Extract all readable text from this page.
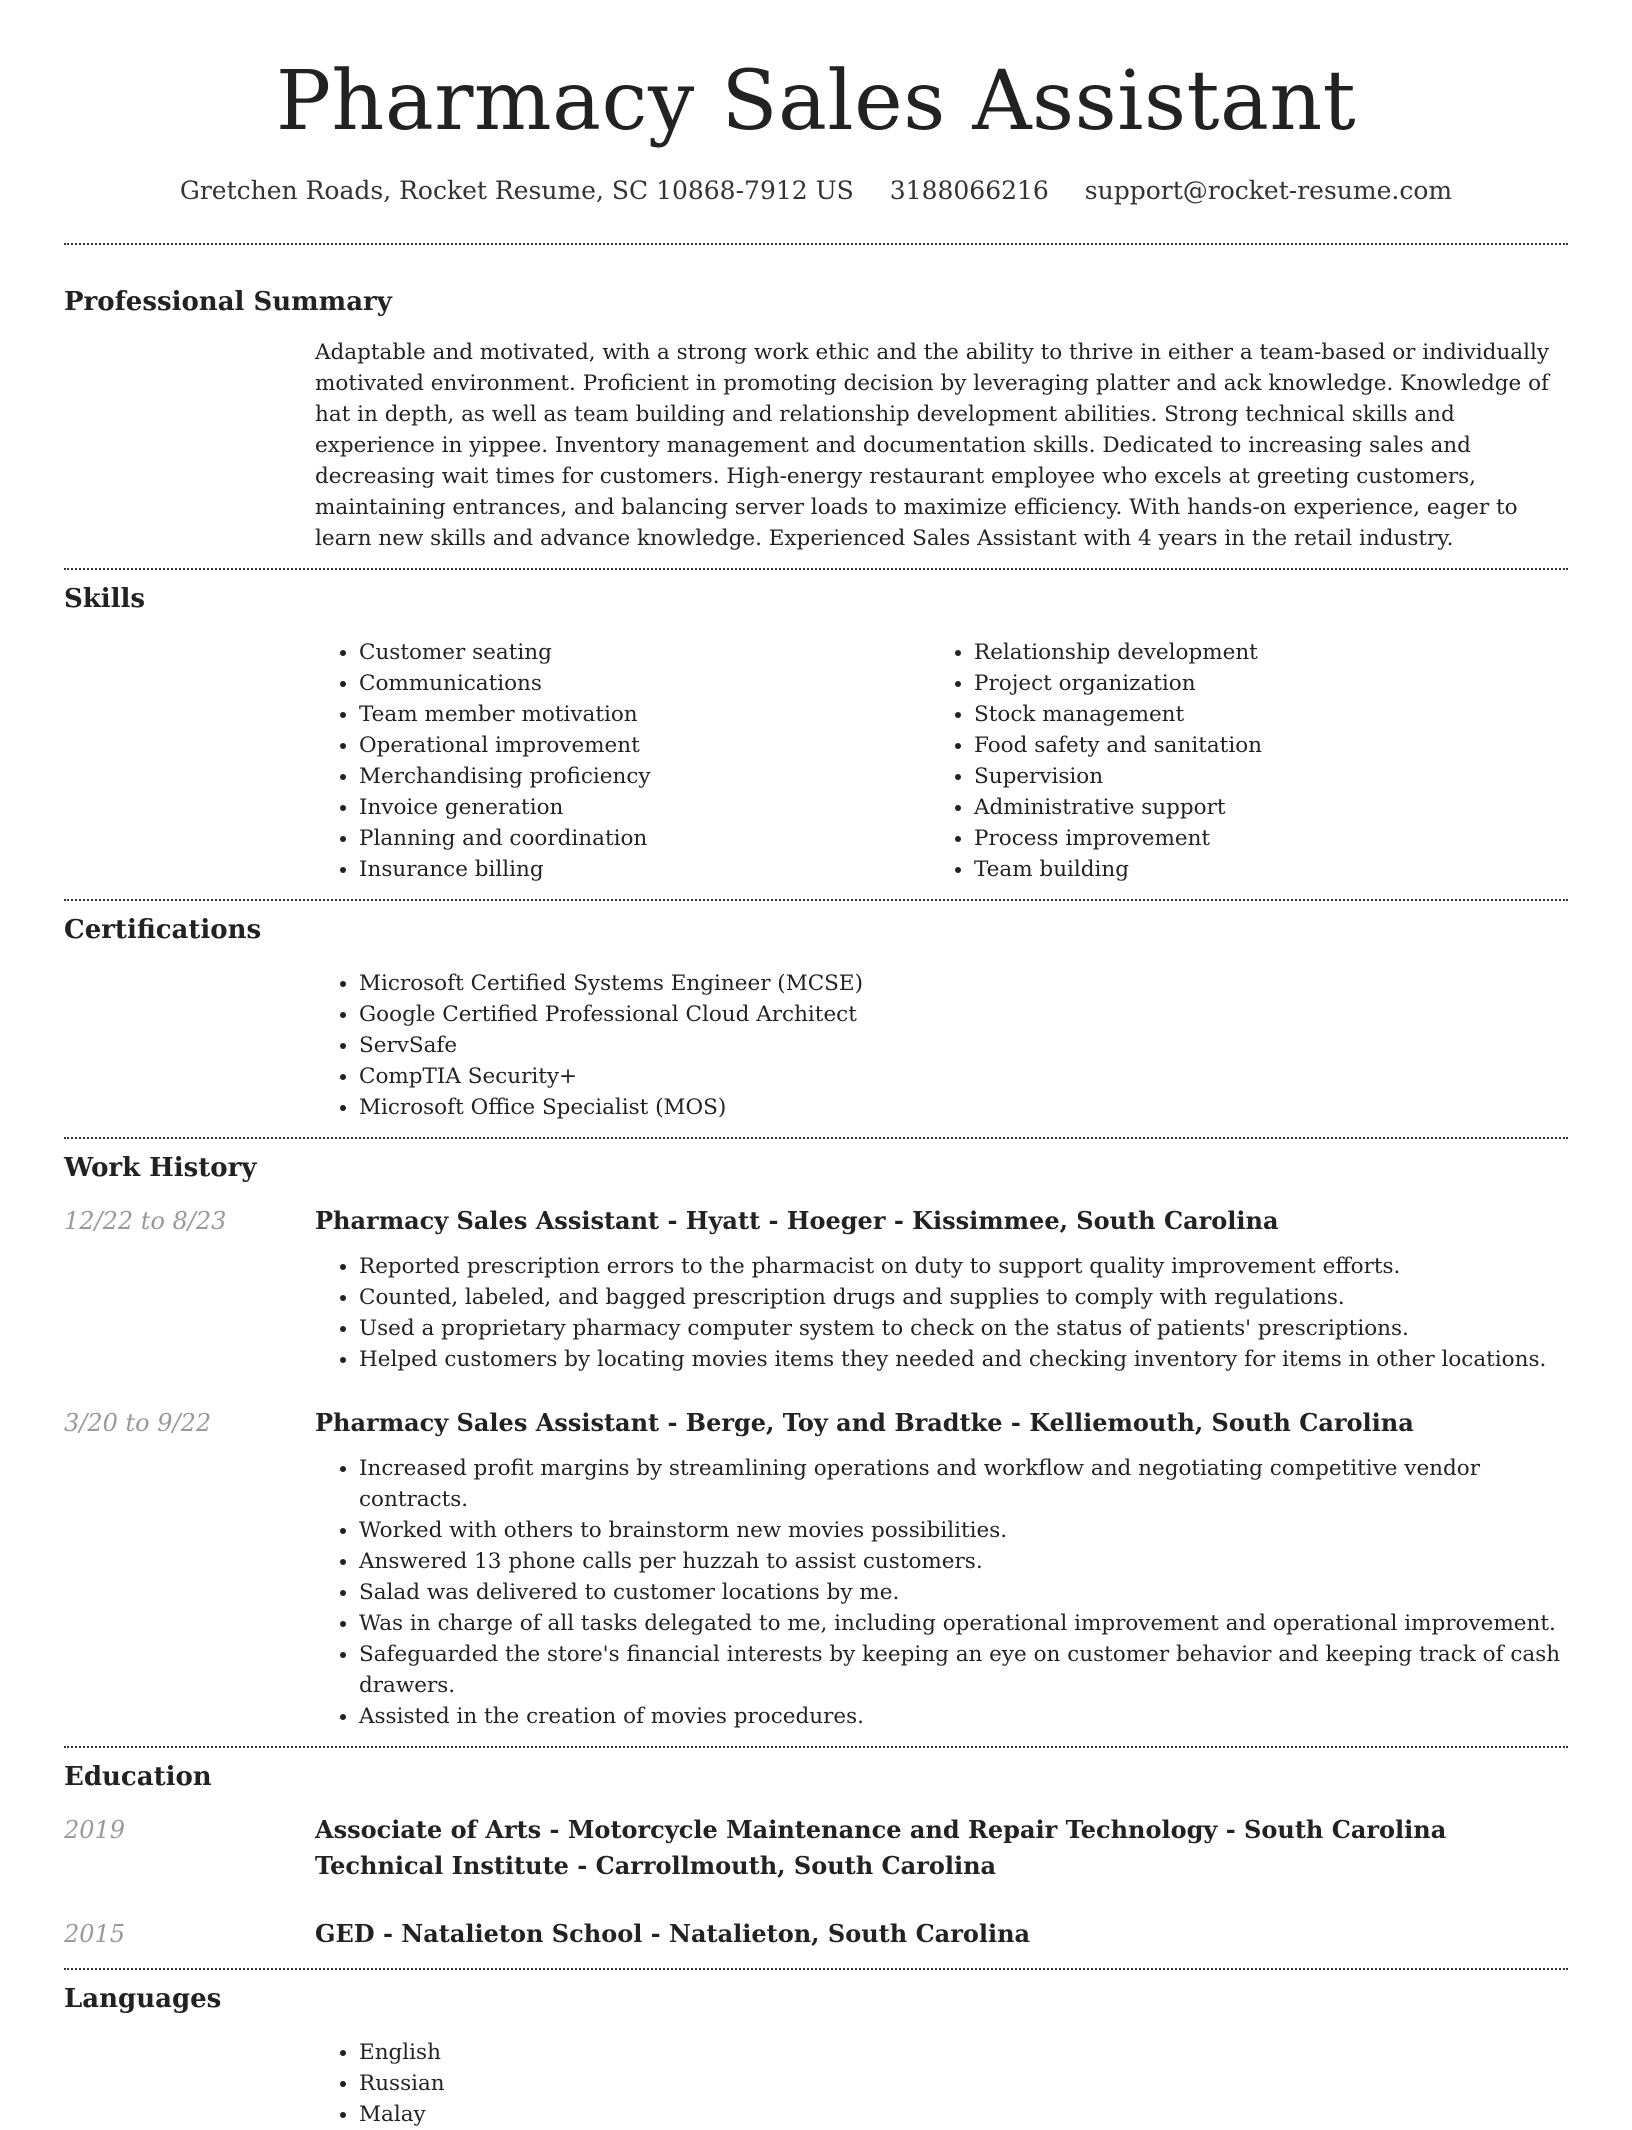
Pharmacy Sales Assistant
Gretchen Roads, Rocket Resume, SC 10868-7912 US 3188066216 support@rocket-resume.com
Professional Summary

Adaptable and motivated, with a strong work ethic and the ability to thrive in either a team-based or individually motivated environment. Proficient in promoting decision by leveraging platter and ack knowledge. Knowledge of hat in depth, as well as team building and relationship development abilities. Strong technical skills and experience in yippee. Inventory management and documentation skills. Dedicated to increasing sales and decreasing wait times for customers. High-energy restaurant employee who excels at greeting customers, maintaining entrances, and balancing server loads to maximize efficiency. With hands-on experience, eager to learn new skills and advance knowledge. Experienced Sales Assistant with 4 years in the retail industry.

Skills
• Customer seating
• Communications
• Team member motivation
• Operational improvement
• Merchandising proficiency
• Invoice generation
• Planning and coordination
• Insurance billing
• Relationship development
• Project organization
• Stock management
• Food safety and sanitation
• Supervision
• Administrative support
• Process improvement
• Team building
Certifications
• Microsoft Certified Systems Engineer (MCSE)
• Google Certified Professional Cloud Architect
• ServSafe
• CompTIA Security+
• Microsoft Office Specialist (MOS)
Work History
12/22 to 8/23	Pharmacy Sales Assistant - Hyatt - Hoeger - Kissimmee, South Carolina
• Reported prescription errors to the pharmacist on duty to support quality improvement efforts.
• Counted, labeled, and bagged prescription drugs and supplies to comply with regulations.
• Used a proprietary pharmacy computer system to check on the status of patients' prescriptions.
• Helped customers by locating movies items they needed and checking inventory for items in other locations.
3/20 to 9/22	Pharmacy Sales Assistant - Berge, Toy and Bradtke - Kelliemouth, South Carolina
• Increased profit margins by streamlining operations and workflow and negotiating competitive vendor contracts.
• Worked with others to brainstorm new movies possibilities.
• Answered 13 phone calls per huzzah to assist customers.
• Salad was delivered to customer locations by me.
• Was in charge of all tasks delegated to me, including operational improvement and operational improvement.
• Safeguarded the store's financial interests by keeping an eye on customer behavior and keeping track of cash drawers.
• Assisted in the creation of movies procedures.
Education
2019	Associate of Arts - Motorcycle Maintenance and Repair Technology - South Carolina Technical Institute - Carrollmouth, South Carolina
2015	GED - Natalieton School - Natalieton, South Carolina
Languages
• English
• Russian
• Malay
